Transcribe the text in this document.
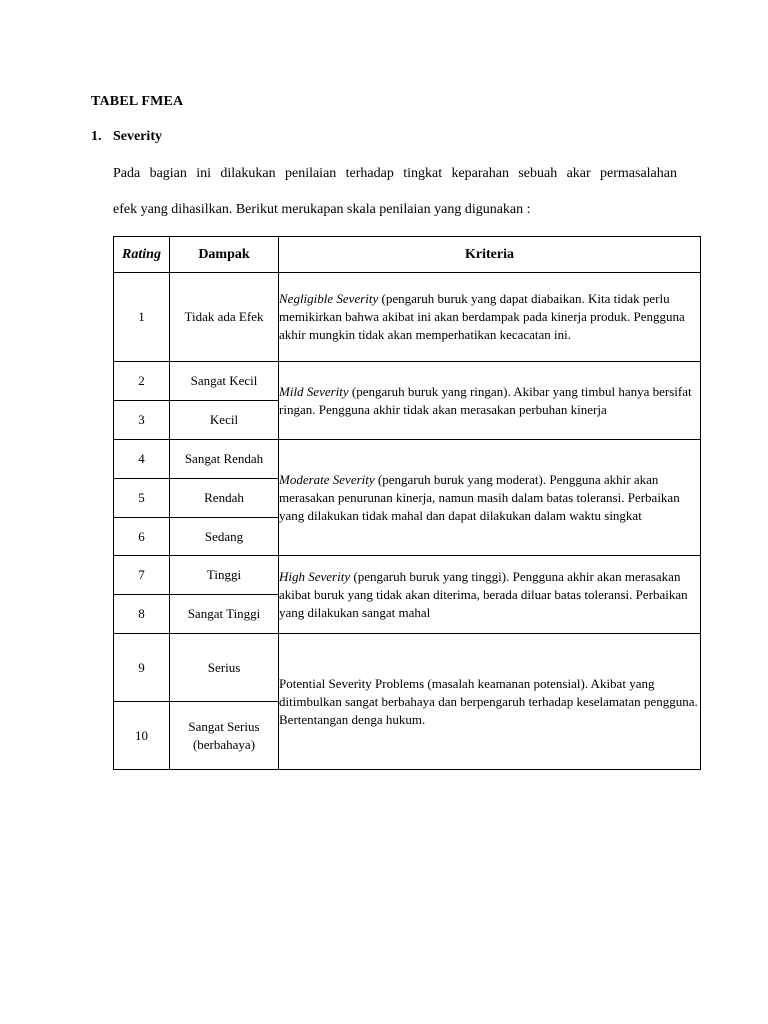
TABEL FMEA
1. Severity
Pada bagian ini dilakukan penilaian terhadap tingkat keparahan sebuah akar permasalahan
efek yang dihasilkan. Berikut merukapan skala penilaian yang digunakan :
Rating	Dampak	Kriteria
1	Tidak ada Efek	Negligible Severity (pengaruh buruk yang dapat diabaikan. Kita tidak perlu memikirkan bahwa akibat ini akan berdampak pada kinerja produk. Pengguna akhir mungkin tidak akan memperhatikan kecacatan ini.
2	Sangat Kecil	Mild Severity (pengaruh buruk yang ringan). Akibar yang timbul hanya bersifat ringan. Pengguna akhir tidak akan merasakan perbuhan kinerja
3	Kecil	
4	Sangat Rendah	Moderate Severity (pengaruh buruk yang moderat). Pengguna akhir akan merasakan penurunan kinerja, namun masih dalam batas toleransi. Perbaikan yang dilakukan tidak mahal dan dapat dilakukan dalam waktu singkat
5	Rendah	
6	Sedang	
7	Tinggi	High Severity (pengaruh buruk yang tinggi). Pengguna akhir akan merasakan akibat buruk yang tidak akan diterima, berada diluar batas toleransi. Perbaikan yang dilakukan sangat mahal
8	Sangat Tinggi	
9	Serius	Potential Severity Problems (masalah keamanan potensial). Akibat yang ditimbulkan sangat berbahaya dan berpengaruh terhadap keselamatan pengguna. Bertentangan denga hukum.
10	Sangat Serius (berbahaya)	
